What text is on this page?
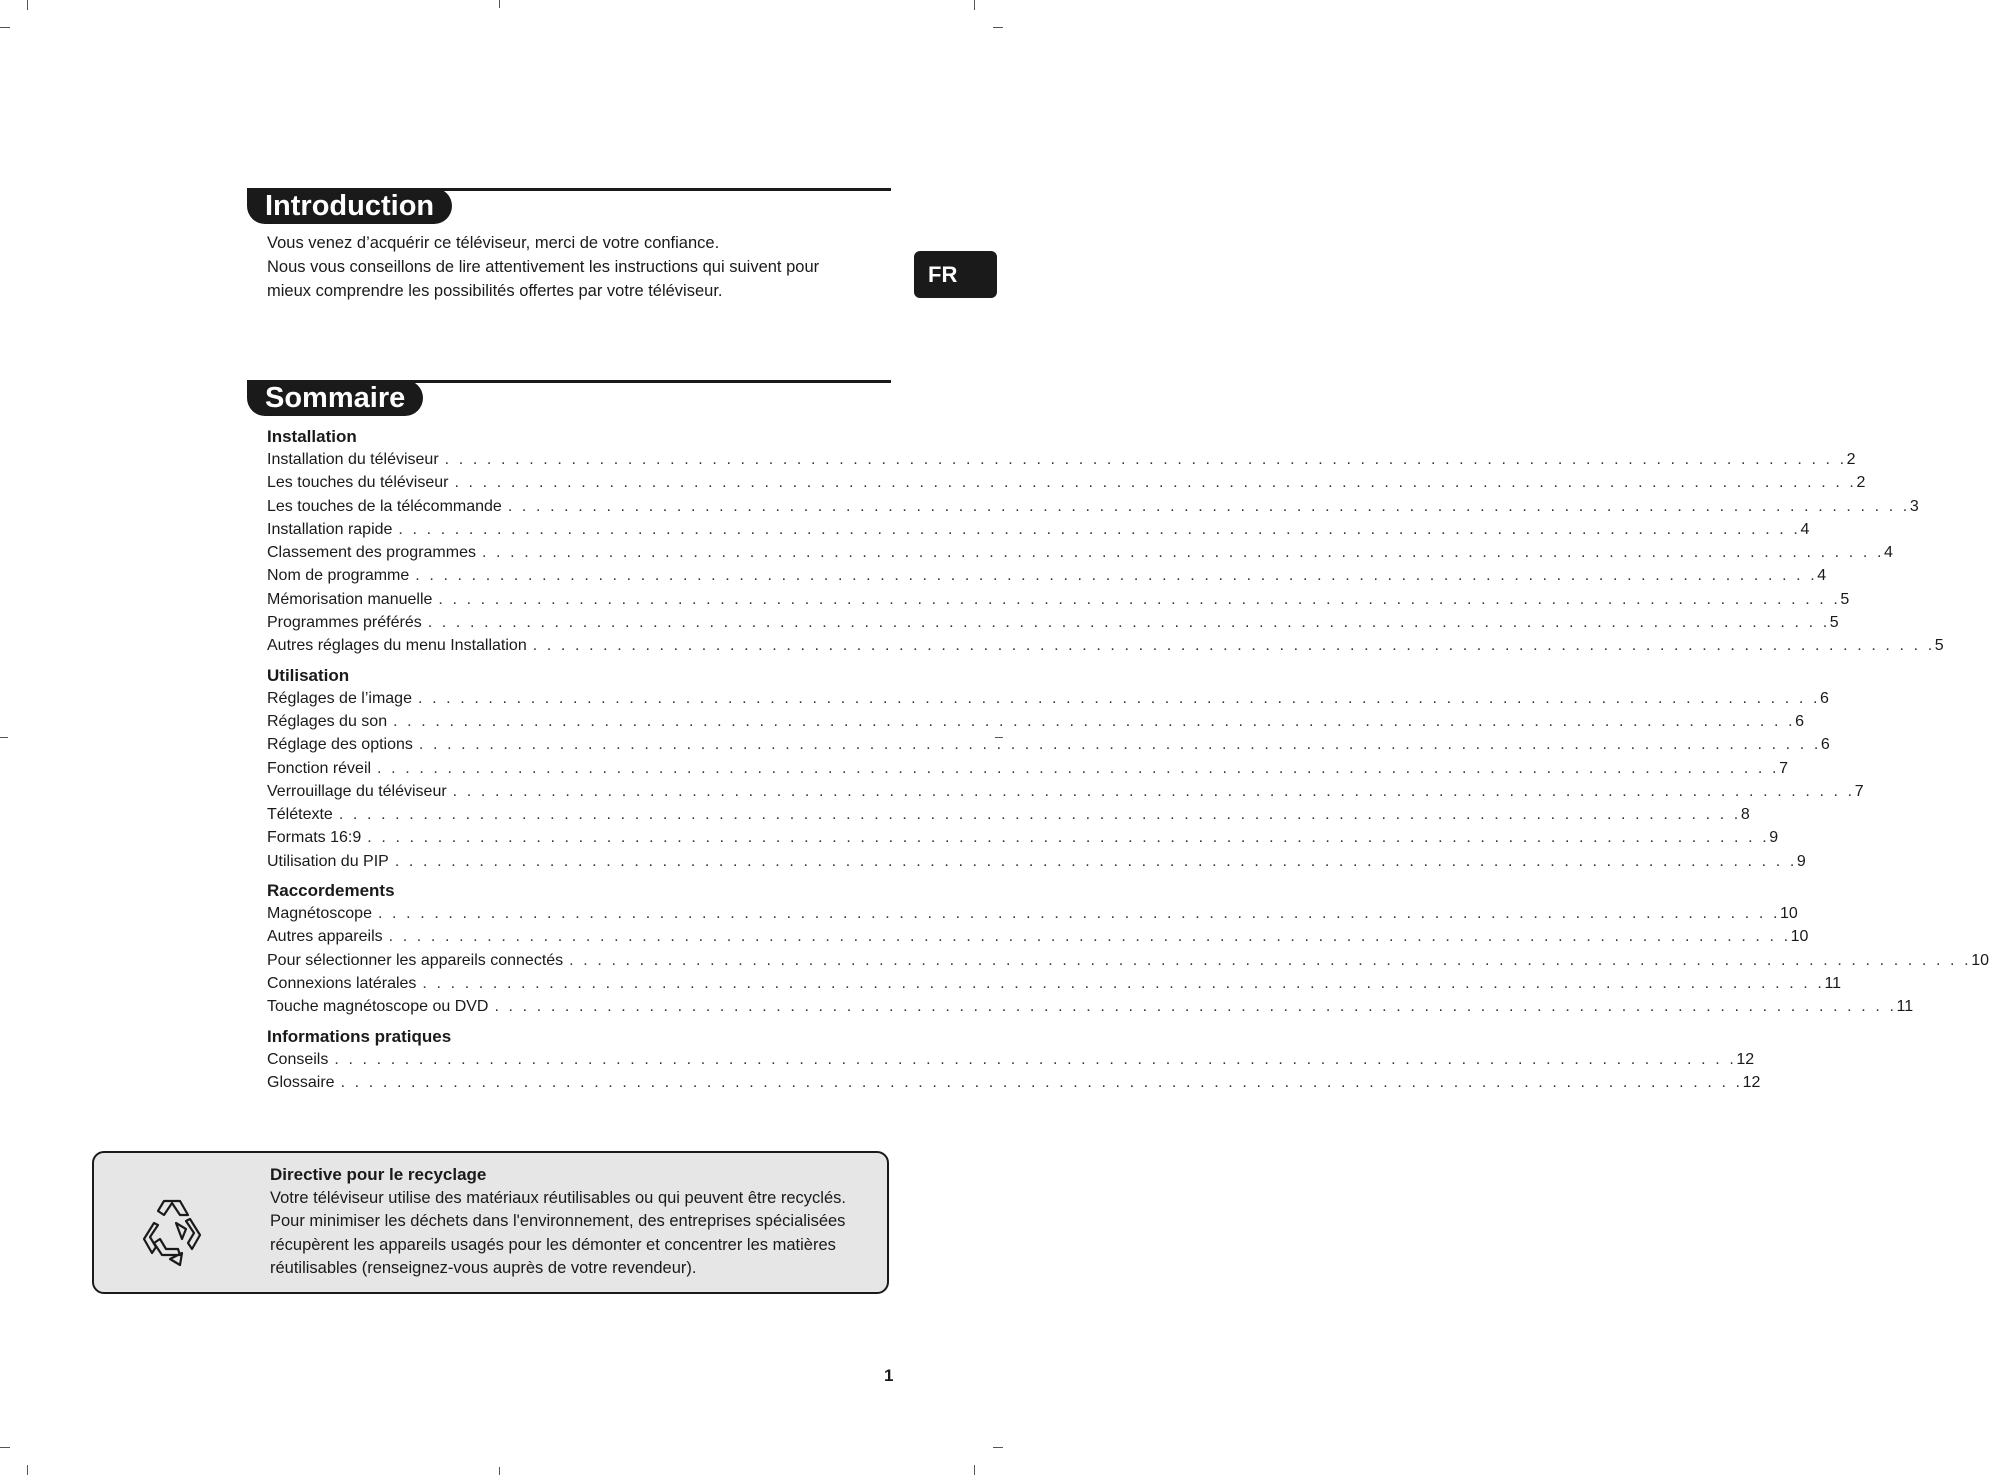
Introduction

Vous venez d’acquérir ce téléviseur, merci de votre confiance.

Nous vous conseillons de lire attentivement les instructions qui suivent pour

mieux comprendre les possibilités offertes par votre téléviseur.

FR
Sommaire
Installation
Installation du téléviseur . . . . . . . . . . . . . . . . . . . . . . . . . . . . . . . . . . . . . . . . . . . . . . . . . . . . . . . . . . . . . . . . . . . . . . . . . . . . . . . . . . . . . . . . . . . . . . . . . . . . 2
Les touches du téléviseur . . . . . . . . . . . . . . . . . . . . . . . . . . . . . . . . . . . . . . . . . . . . . . . . . . . . . . . . . . . . . . . . . . . . . . . . . . . . . . . . . . . . . . . . . . . . . . . . . . . . 2
Les touches de la télécommande . . . . . . . . . . . . . . . . . . . . . . . . . . . . . . . . . . . . . . . . . . . . . . . . . . . . . . . . . . . . . . . . . . . . . . . . . . . . . . . . . . . . . . . . . . . . . . . . . . . . 3
Installation rapide . . . . . . . . . . . . . . . . . . . . . . . . . . . . . . . . . . . . . . . . . . . . . . . . . . . . . . . . . . . . . . . . . . . . . . . . . . . . . . . . . . . . . . . . . . . . . . . . . . . . 4
Classement des programmes . . . . . . . . . . . . . . . . . . . . . . . . . . . . . . . . . . . . . . . . . . . . . . . . . . . . . . . . . . . . . . . . . . . . . . . . . . . . . . . . . . . . . . . . . . . . . . . . . . . . 4
Nom de programme . . . . . . . . . . . . . . . . . . . . . . . . . . . . . . . . . . . . . . . . . . . . . . . . . . . . . . . . . . . . . . . . . . . . . . . . . . . . . . . . . . . . . . . . . . . . . . . . . . . . 4
Mémorisation manuelle . . . . . . . . . . . . . . . . . . . . . . . . . . . . . . . . . . . . . . . . . . . . . . . . . . . . . . . . . . . . . . . . . . . . . . . . . . . . . . . . . . . . . . . . . . . . . . . . . . . . 5
Programmes préférés . . . . . . . . . . . . . . . . . . . . . . . . . . . . . . . . . . . . . . . . . . . . . . . . . . . . . . . . . . . . . . . . . . . . . . . . . . . . . . . . . . . . . . . . . . . . . . . . . . . . 5
Autres réglages du menu Installation . . . . . . . . . . . . . . . . . . . . . . . . . . . . . . . . . . . . . . . . . . . . . . . . . . . . . . . . . . . . . . . . . . . . . . . . . . . . . . . . . . . . . . . . . . . . . . . . . . . . 5
Utilisation
Réglages de l’image . . . . . . . . . . . . . . . . . . . . . . . . . . . . . . . . . . . . . . . . . . . . . . . . . . . . . . . . . . . . . . . . . . . . . . . . . . . . . . . . . . . . . . . . . . . . . . . . . . . . 6
Réglages du son . . . . . . . . . . . . . . . . . . . . . . . . . . . . . . . . . . . . . . . . . . . . . . . . . . . . . . . . . . . . . . . . . . . . . . . . . . . . . . . . . . . . . . . . . . . . . . . . . . . . 6
Réglage des options . . . . . . . . . . . . . . . . . . . . . . . . . . . . . . . . . . . . . . . . . . . . . . . . . . . . . . . . . . . . . . . . . . . . . . . . . . . . . . . . . . . . . . . . . . . . . . . . . . . . 6
Fonction réveil . . . . . . . . . . . . . . . . . . . . . . . . . . . . . . . . . . . . . . . . . . . . . . . . . . . . . . . . . . . . . . . . . . . . . . . . . . . . . . . . . . . . . . . . . . . . . . . . . . . . 7
Verrouillage du téléviseur . . . . . . . . . . . . . . . . . . . . . . . . . . . . . . . . . . . . . . . . . . . . . . . . . . . . . . . . . . . . . . . . . . . . . . . . . . . . . . . . . . . . . . . . . . . . . . . . . . . . 7
Télétexte . . . . . . . . . . . . . . . . . . . . . . . . . . . . . . . . . . . . . . . . . . . . . . . . . . . . . . . . . . . . . . . . . . . . . . . . . . . . . . . . . . . . . . . . . . . . . . . . . . . . 8
Formats 16:9 . . . . . . . . . . . . . . . . . . . . . . . . . . . . . . . . . . . . . . . . . . . . . . . . . . . . . . . . . . . . . . . . . . . . . . . . . . . . . . . . . . . . . . . . . . . . . . . . . . . . 9
Utilisation du PIP . . . . . . . . . . . . . . . . . . . . . . . . . . . . . . . . . . . . . . . . . . . . . . . . . . . . . . . . . . . . . . . . . . . . . . . . . . . . . . . . . . . . . . . . . . . . . . . . . . . . 9
Raccordements
Magnétoscope . . . . . . . . . . . . . . . . . . . . . . . . . . . . . . . . . . . . . . . . . . . . . . . . . . . . . . . . . . . . . . . . . . . . . . . . . . . . . . . . . . . . . . . . . . . . . . . . . . . . 10
Autres appareils . . . . . . . . . . . . . . . . . . . . . . . . . . . . . . . . . . . . . . . . . . . . . . . . . . . . . . . . . . . . . . . . . . . . . . . . . . . . . . . . . . . . . . . . . . . . . . . . . . . . 10
Pour sélectionner les appareils connectés . . . . . . . . . . . . . . . . . . . . . . . . . . . . . . . . . . . . . . . . . . . . . . . . . . . . . . . . . . . . . . . . . . . . . . . . . . . . . . . . . . . . . . . . . . . . . . . . . . . . 10
Connexions latérales . . . . . . . . . . . . . . . . . . . . . . . . . . . . . . . . . . . . . . . . . . . . . . . . . . . . . . . . . . . . . . . . . . . . . . . . . . . . . . . . . . . . . . . . . . . . . . . . . . . . 11
Touche magnétoscope ou DVD . . . . . . . . . . . . . . . . . . . . . . . . . . . . . . . . . . . . . . . . . . . . . . . . . . . . . . . . . . . . . . . . . . . . . . . . . . . . . . . . . . . . . . . . . . . . . . . . . . . . 11
Informations pratiques
Conseils . . . . . . . . . . . . . . . . . . . . . . . . . . . . . . . . . . . . . . . . . . . . . . . . . . . . . . . . . . . . . . . . . . . . . . . . . . . . . . . . . . . . . . . . . . . . . . . . . . . . 12
Glossaire . . . . . . . . . . . . . . . . . . . . . . . . . . . . . . . . . . . . . . . . . . . . . . . . . . . . . . . . . . . . . . . . . . . . . . . . . . . . . . . . . . . . . . . . . . . . . . . . . . . . 12
Directive pour le recyclage

Votre téléviseur utilise des matériaux réutilisables ou qui peuvent être recyclés.

Pour minimiser les déchets dans l'environnement, des entreprises spécialisées

récupèrent les appareils usagés pour les démonter et concentrer les matières

réutilisables (renseignez-vous auprès de votre revendeur).

1
